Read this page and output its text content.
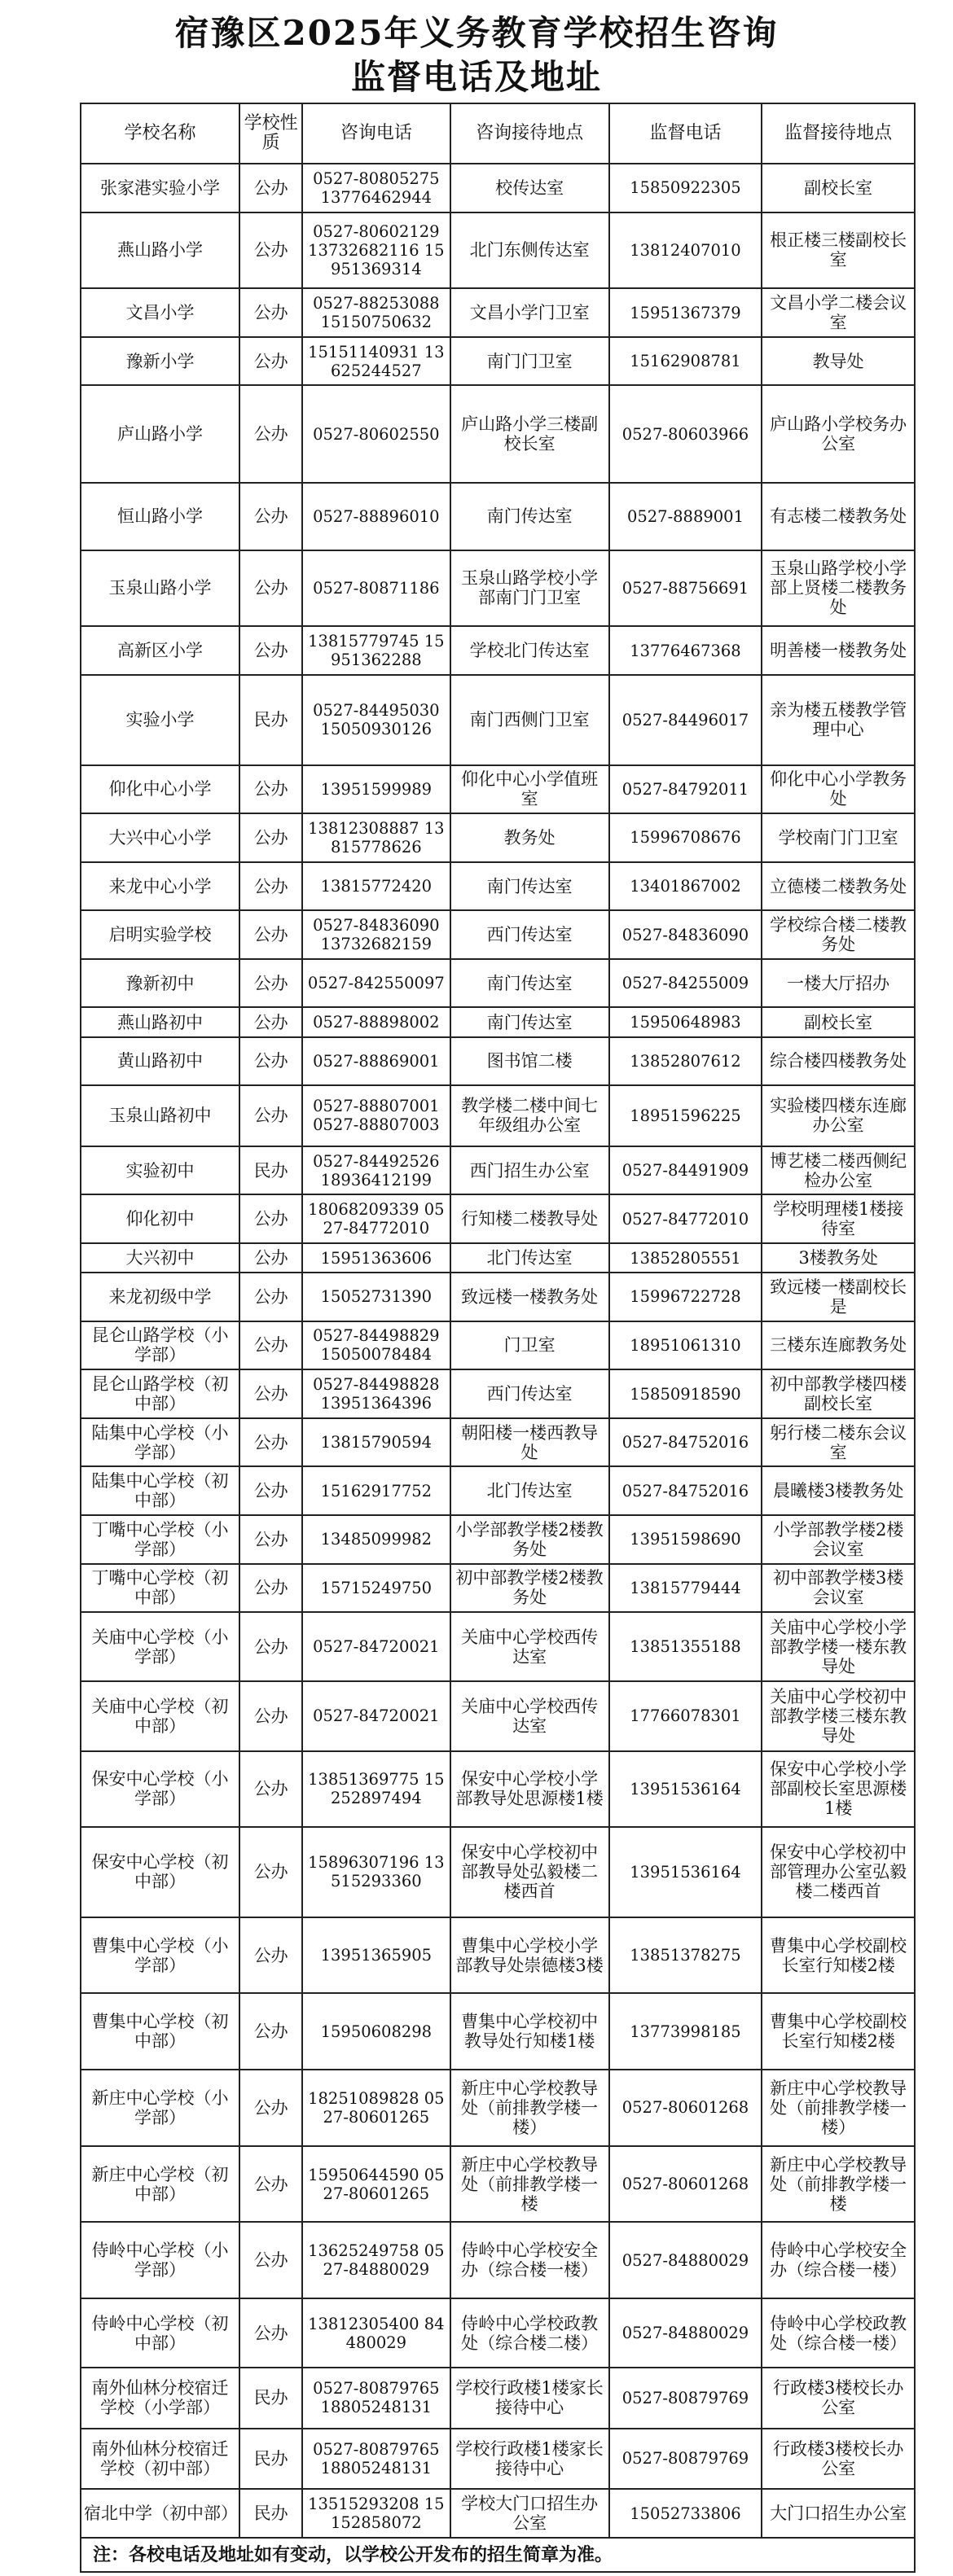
宿豫区2025年义务教育学校招生咨询
监督电话及地址
学校名称	学校性质	咨询电话	咨询接待地点	监督电话	监督接待地点
张家港实验小学	公办	0527-80805275 13776462944	校传达室	15850922305	副校长室
燕山路小学	公办	0527-80602129 13732682116 15951369314	北门东侧传达室	13812407010	根正楼三楼副校长室
文昌小学	公办	0527-88253088 15150750632	文昌小学门卫室	15951367379	文昌小学二楼会议室
豫新小学	公办	15151140931 13625244527	南门门卫室	15162908781	教导处
庐山路小学	公办	0527-80602550	庐山路小学三楼副校长室	0527-80603966	庐山路小学校务办公室
恒山路小学	公办	0527-88896010	南门传达室	0527-8889001	有志楼二楼教务处
玉泉山路小学	公办	0527-80871186	玉泉山路学校小学部南门门卫室	0527-88756691	玉泉山路学校小学部上贤楼二楼教务处
高新区小学	公办	13815779745 15951362288	学校北门传达室	13776467368	明善楼一楼教务处
实验小学	民办	0527-84495030 15050930126	南门西侧门卫室	0527-84496017	亲为楼五楼教学管理中心
仰化中心小学	公办	13951599989	仰化中心小学值班室	0527-84792011	仰化中心小学教务处
大兴中心小学	公办	13812308887 13815778626	教务处	15996708676	学校南门门卫室
来龙中心小学	公办	13815772420	南门传达室	13401867002	立德楼二楼教务处
启明实验学校	公办	0527-84836090 13732682159	西门传达室	0527-84836090	学校综合楼二楼教务处
豫新初中	公办	0527-842550097	南门传达室	0527-84255009	一楼大厅招办
燕山路初中	公办	0527-88898002	南门传达室	15950648983	副校长室
黄山路初中	公办	0527-88869001	图书馆二楼	13852807612	综合楼四楼教务处
玉泉山路初中	公办	0527-88807001 0527-88807003	教学楼二楼中间七年级组办公室	18951596225	实验楼四楼东连廊办公室
实验初中	民办	0527-84492526 18936412199	西门招生办公室	0527-84491909	博艺楼二楼西侧纪检办公室
仰化初中	公办	18068209339 0527-84772010	行知楼二楼教导处	0527-84772010	学校明理楼1楼接待室
大兴初中	公办	15951363606	北门传达室	13852805551	3楼教务处
来龙初级中学	公办	15052731390	致远楼一楼教务处	15996722728	致远楼一楼副校长是
昆仑山路学校（小学部）	公办	0527-84498829 15050078484	门卫室	18951061310	三楼东连廊教务处
昆仑山路学校（初中部）	公办	0527-84498828 13951364396	西门传达室	15850918590	初中部教学楼四楼副校长室
陆集中心学校（小学部）	公办	13815790594	朝阳楼一楼西教导处	0527-84752016	躬行楼二楼东会议室
陆集中心学校（初中部）	公办	15162917752	北门传达室	0527-84752016	晨曦楼3楼教务处
丁嘴中心学校（小学部）	公办	13485099982	小学部教学楼2楼教务处	13951598690	小学部教学楼2楼会议室
丁嘴中心学校（初中部）	公办	15715249750	初中部教学楼2楼教务处	13815779444	初中部教学楼3楼会议室
关庙中心学校（小学部）	公办	0527-84720021	关庙中心学校西传达室	13851355188	关庙中心学校小学部教学楼一楼东教导处
关庙中心学校（初中部）	公办	0527-84720021	关庙中心学校西传达室	17766078301	关庙中心学校初中部教学楼三楼东教导处
保安中心学校（小学部）	公办	13851369775 15252897494	保安中心学校小学部教导处思源楼1楼	13951536164	保安中心学校小学部副校长室思源楼1楼
保安中心学校（初中部）	公办	15896307196 13515293360	保安中心学校初中部教导处弘毅楼二楼西首	13951536164	保安中心学校初中部管理办公室弘毅楼二楼西首
曹集中心学校（小学部）	公办	13951365905	曹集中心学校小学部教导处崇德楼3楼	13851378275	曹集中心学校副校长室行知楼2楼
曹集中心学校（初中部）	公办	15950608298	曹集中心学校初中教导处行知楼1楼	13773998185	曹集中心学校副校长室行知楼2楼
新庄中心学校（小学部）	公办	18251089828 0527-80601265	新庄中心学校教导处（前排教学楼一楼）	0527-80601268	新庄中心学校教导处（前排教学楼一楼）
新庄中心学校（初中部）	公办	15950644590 0527-80601265	新庄中心学校教导处（前排教学楼一楼	0527-80601268	新庄中心学校教导处（前排教学楼一楼
侍岭中心学校（小学部）	公办	13625249758 0527-84880029	侍岭中心学校安全办（综合楼一楼）	0527-84880029	侍岭中心学校安全办（综合楼一楼）
侍岭中心学校（初中部）	公办	13812305400 84480029	侍岭中心学校政教处（综合楼二楼）	0527-84880029	侍岭中心学校政教处（综合楼一楼）
南外仙林分校宿迁学校（小学部）	民办	0527-80879765 18805248131	学校行政楼1楼家长接待中心	0527-80879769	行政楼3楼校长办公室
南外仙林分校宿迁学校（初中部）	民办	0527-80879765 18805248131	学校行政楼1楼家长接待中心	0527-80879769	行政楼3楼校长办公室
宿北中学（初中部）	民办	13515293208 15152858072	学校大门口招生办公室	15052733806	大门口招生办公室
注：各校电话及地址如有变动，以学校公开发布的招生简章为准。					
